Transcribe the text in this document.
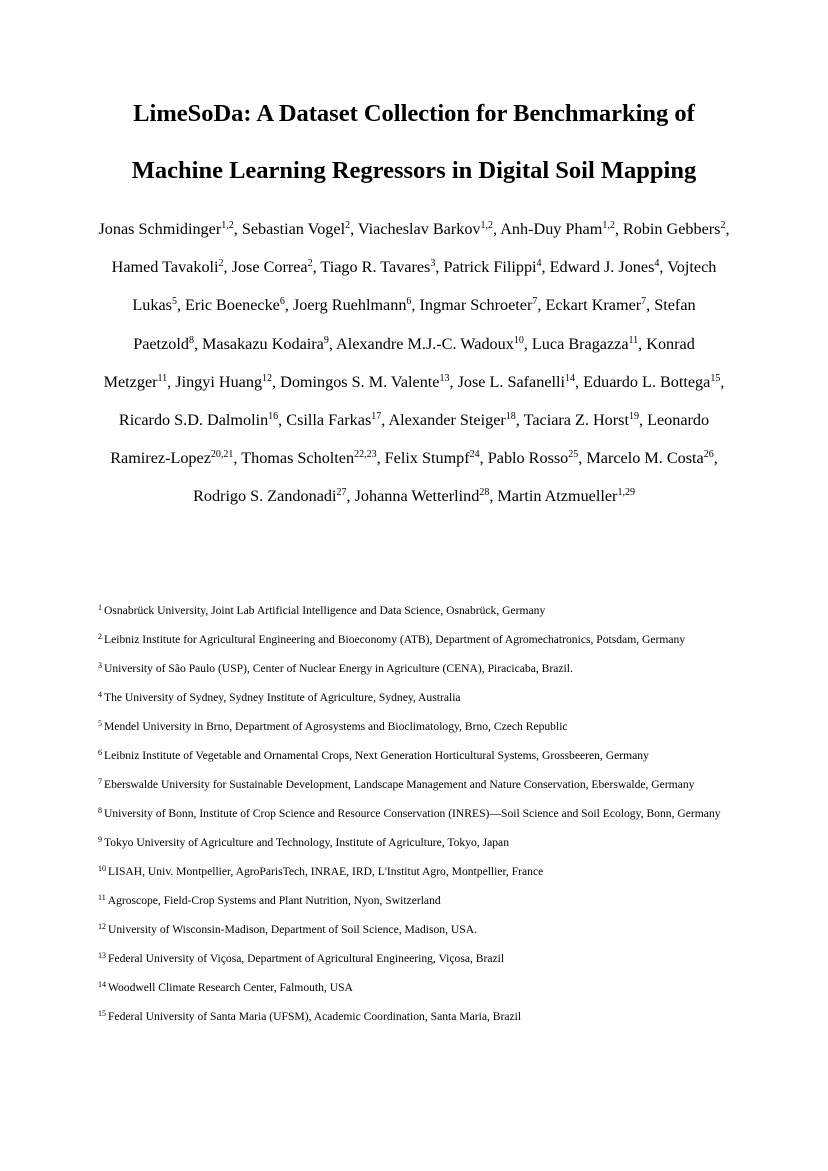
LimeSoDa: A Dataset Collection for Benchmarking of
Machine Learning Regressors in Digital Soil Mapping

Jonas Schmidinger$^{1,2}$, Sebastian Vogel$^2$, Viacheslav Barkov$^{1,2}$, Anh-Duy Pham$^{1,2}$, Robin Gebbers$^2$, Hamed Tavakoli$^2$, Jose Correa$^2$, Tiago R. Tavares$^3$, Patrick Filippi$^4$, Edward J. Jones$^4$, Vojtech Lukas$^5$, Eric Boenecke$^6$, Joerg Ruehlmann$^6$, Ingmar Schroeter$^7$, Eckart Kramer$^7$, Stefan Paetzold$^8$, Masakazu Kodaira$^9$, Alexandre M.J.-C. Wadoux$^{10}$, Luca Bragazza$^{11}$, Konrad Metzger$^{11}$, Jingyi Huang$^{12}$, Domingos S. M. Valente$^{13}$, Jose L. Safanelli$^{14}$, Eduardo L. Bottega$^{15}$, Ricardo S.D. Dalmolin$^{16}$, Csilla Farkas$^{17}$, Alexander Steiger$^{18}$, Taciara Z. Horst$^{19}$, Leonardo Ramirez-Lopez$^{20,21}$, Thomas Scholten$^{22,23}$, Felix Stumpf$^{24}$, Pablo Rosso$^{25}$, Marcelo M. Costa$^{26}$, Rodrigo S. Zandonadi$^{27}$, Johanna Wetterlind$^{28}$, Martin Atzmueller$^{1,29}$

$^1$ Osnabrück University, Joint Lab Artificial Intelligence and Data Science, Osnabrück, Germany
$^2$ Leibniz Institute for Agricultural Engineering and Bioeconomy (ATB), Department of Agromechatronics, Potsdam, Germany
$^3$ University of São Paulo (USP), Center of Nuclear Energy in Agriculture (CENA), Piracicaba, Brazil.
$^4$ The University of Sydney, Sydney Institute of Agriculture, Sydney, Australia
$^5$ Mendel University in Brno, Department of Agrosystems and Bioclimatology, Brno, Czech Republic
$^6$ Leibniz Institute of Vegetable and Ornamental Crops, Next Generation Horticultural Systems, Grossbeeren, Germany
$^7$ Eberswalde University for Sustainable Development, Landscape Management and Nature Conservation, Eberswalde, Germany
$^8$ University of Bonn, Institute of Crop Science and Resource Conservation (INRES)—Soil Science and Soil Ecology, Bonn, Germany
$^9$ Tokyo University of Agriculture and Technology, Institute of Agriculture, Tokyo, Japan
$^{10}$ LISAH, Univ. Montpellier, AgroParisTech, INRAE, IRD, L'Institut Agro, Montpellier, France
$^{11}$ Agroscope, Field-Crop Systems and Plant Nutrition, Nyon, Switzerland
$^{12}$ University of Wisconsin-Madison, Department of Soil Science, Madison, USA.
$^{13}$ Federal University of Viçosa, Department of Agricultural Engineering, Viçosa, Brazil
$^{14}$ Woodwell Climate Research Center, Falmouth, USA
$^{15}$ Federal University of Santa Maria (UFSM), Academic Coordination, Santa Maria, Brazil
